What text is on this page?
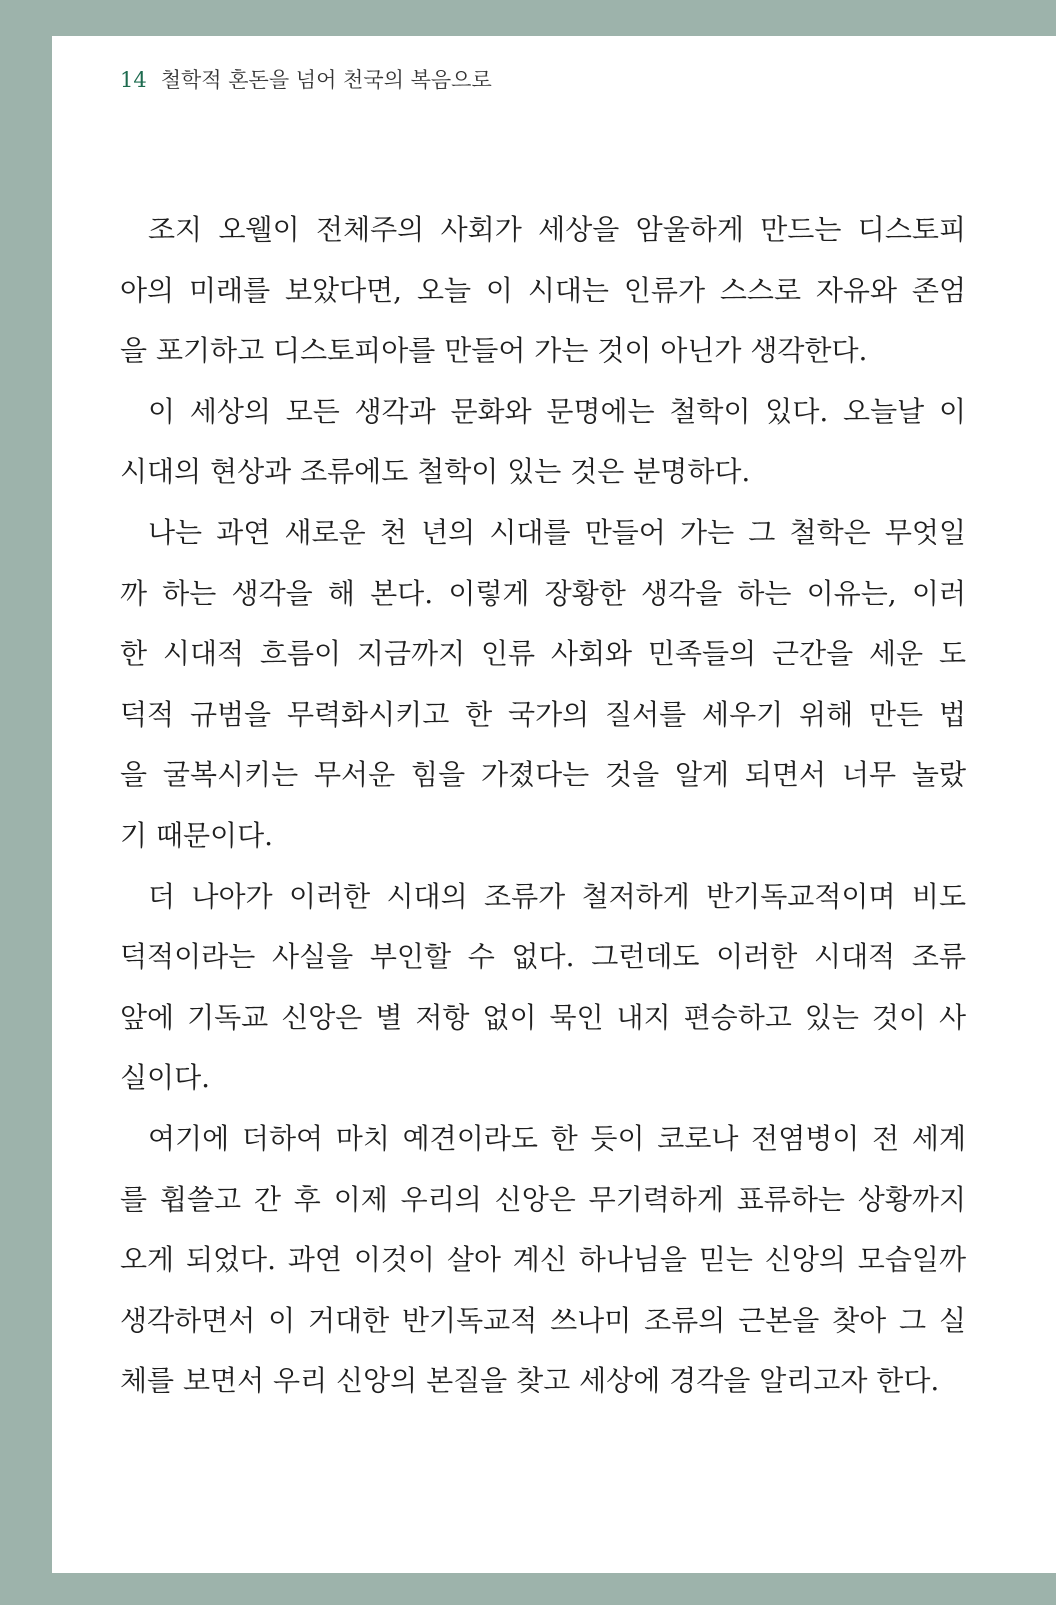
14 철학적 혼돈을 넘어 천국의 복음으로
조지 오웰이 전체주의 사회가 세상을 암울하게 만드는 디스토피
아의 미래를 보았다면, 오늘 이 시대는 인류가 스스로 자유와 존엄
을 포기하고 디스토피아를 만들어 가는 것이 아닌가 생각한다.
이 세상의 모든 생각과 문화와 문명에는 철학이 있다. 오늘날 이
시대의 현상과 조류에도 철학이 있는 것은 분명하다.
나는 과연 새로운 천 년의 시대를 만들어 가는 그 철학은 무엇일
까 하는 생각을 해 본다. 이렇게 장황한 생각을 하는 이유는, 이러
한 시대적 흐름이 지금까지 인류 사회와 민족들의 근간을 세운 도
덕적 규범을 무력화시키고 한 국가의 질서를 세우기 위해 만든 법
을 굴복시키는 무서운 힘을 가졌다는 것을 알게 되면서 너무 놀랐
기 때문이다.
더 나아가 이러한 시대의 조류가 철저하게 반기독교적이며 비도
덕적이라는 사실을 부인할 수 없다. 그런데도 이러한 시대적 조류
앞에 기독교 신앙은 별 저항 없이 묵인 내지 편승하고 있는 것이 사
실이다.
여기에 더하여 마치 예견이라도 한 듯이 코로나 전염병이 전 세계
를 휩쓸고 간 후 이제 우리의 신앙은 무기력하게 표류하는 상황까지
오게 되었다. 과연 이것이 살아 계신 하나님을 믿는 신앙의 모습일까
생각하면서 이 거대한 반기독교적 쓰나미 조류의 근본을 찾아 그 실
체를 보면서 우리 신앙의 본질을 찾고 세상에 경각을 알리고자 한다.
